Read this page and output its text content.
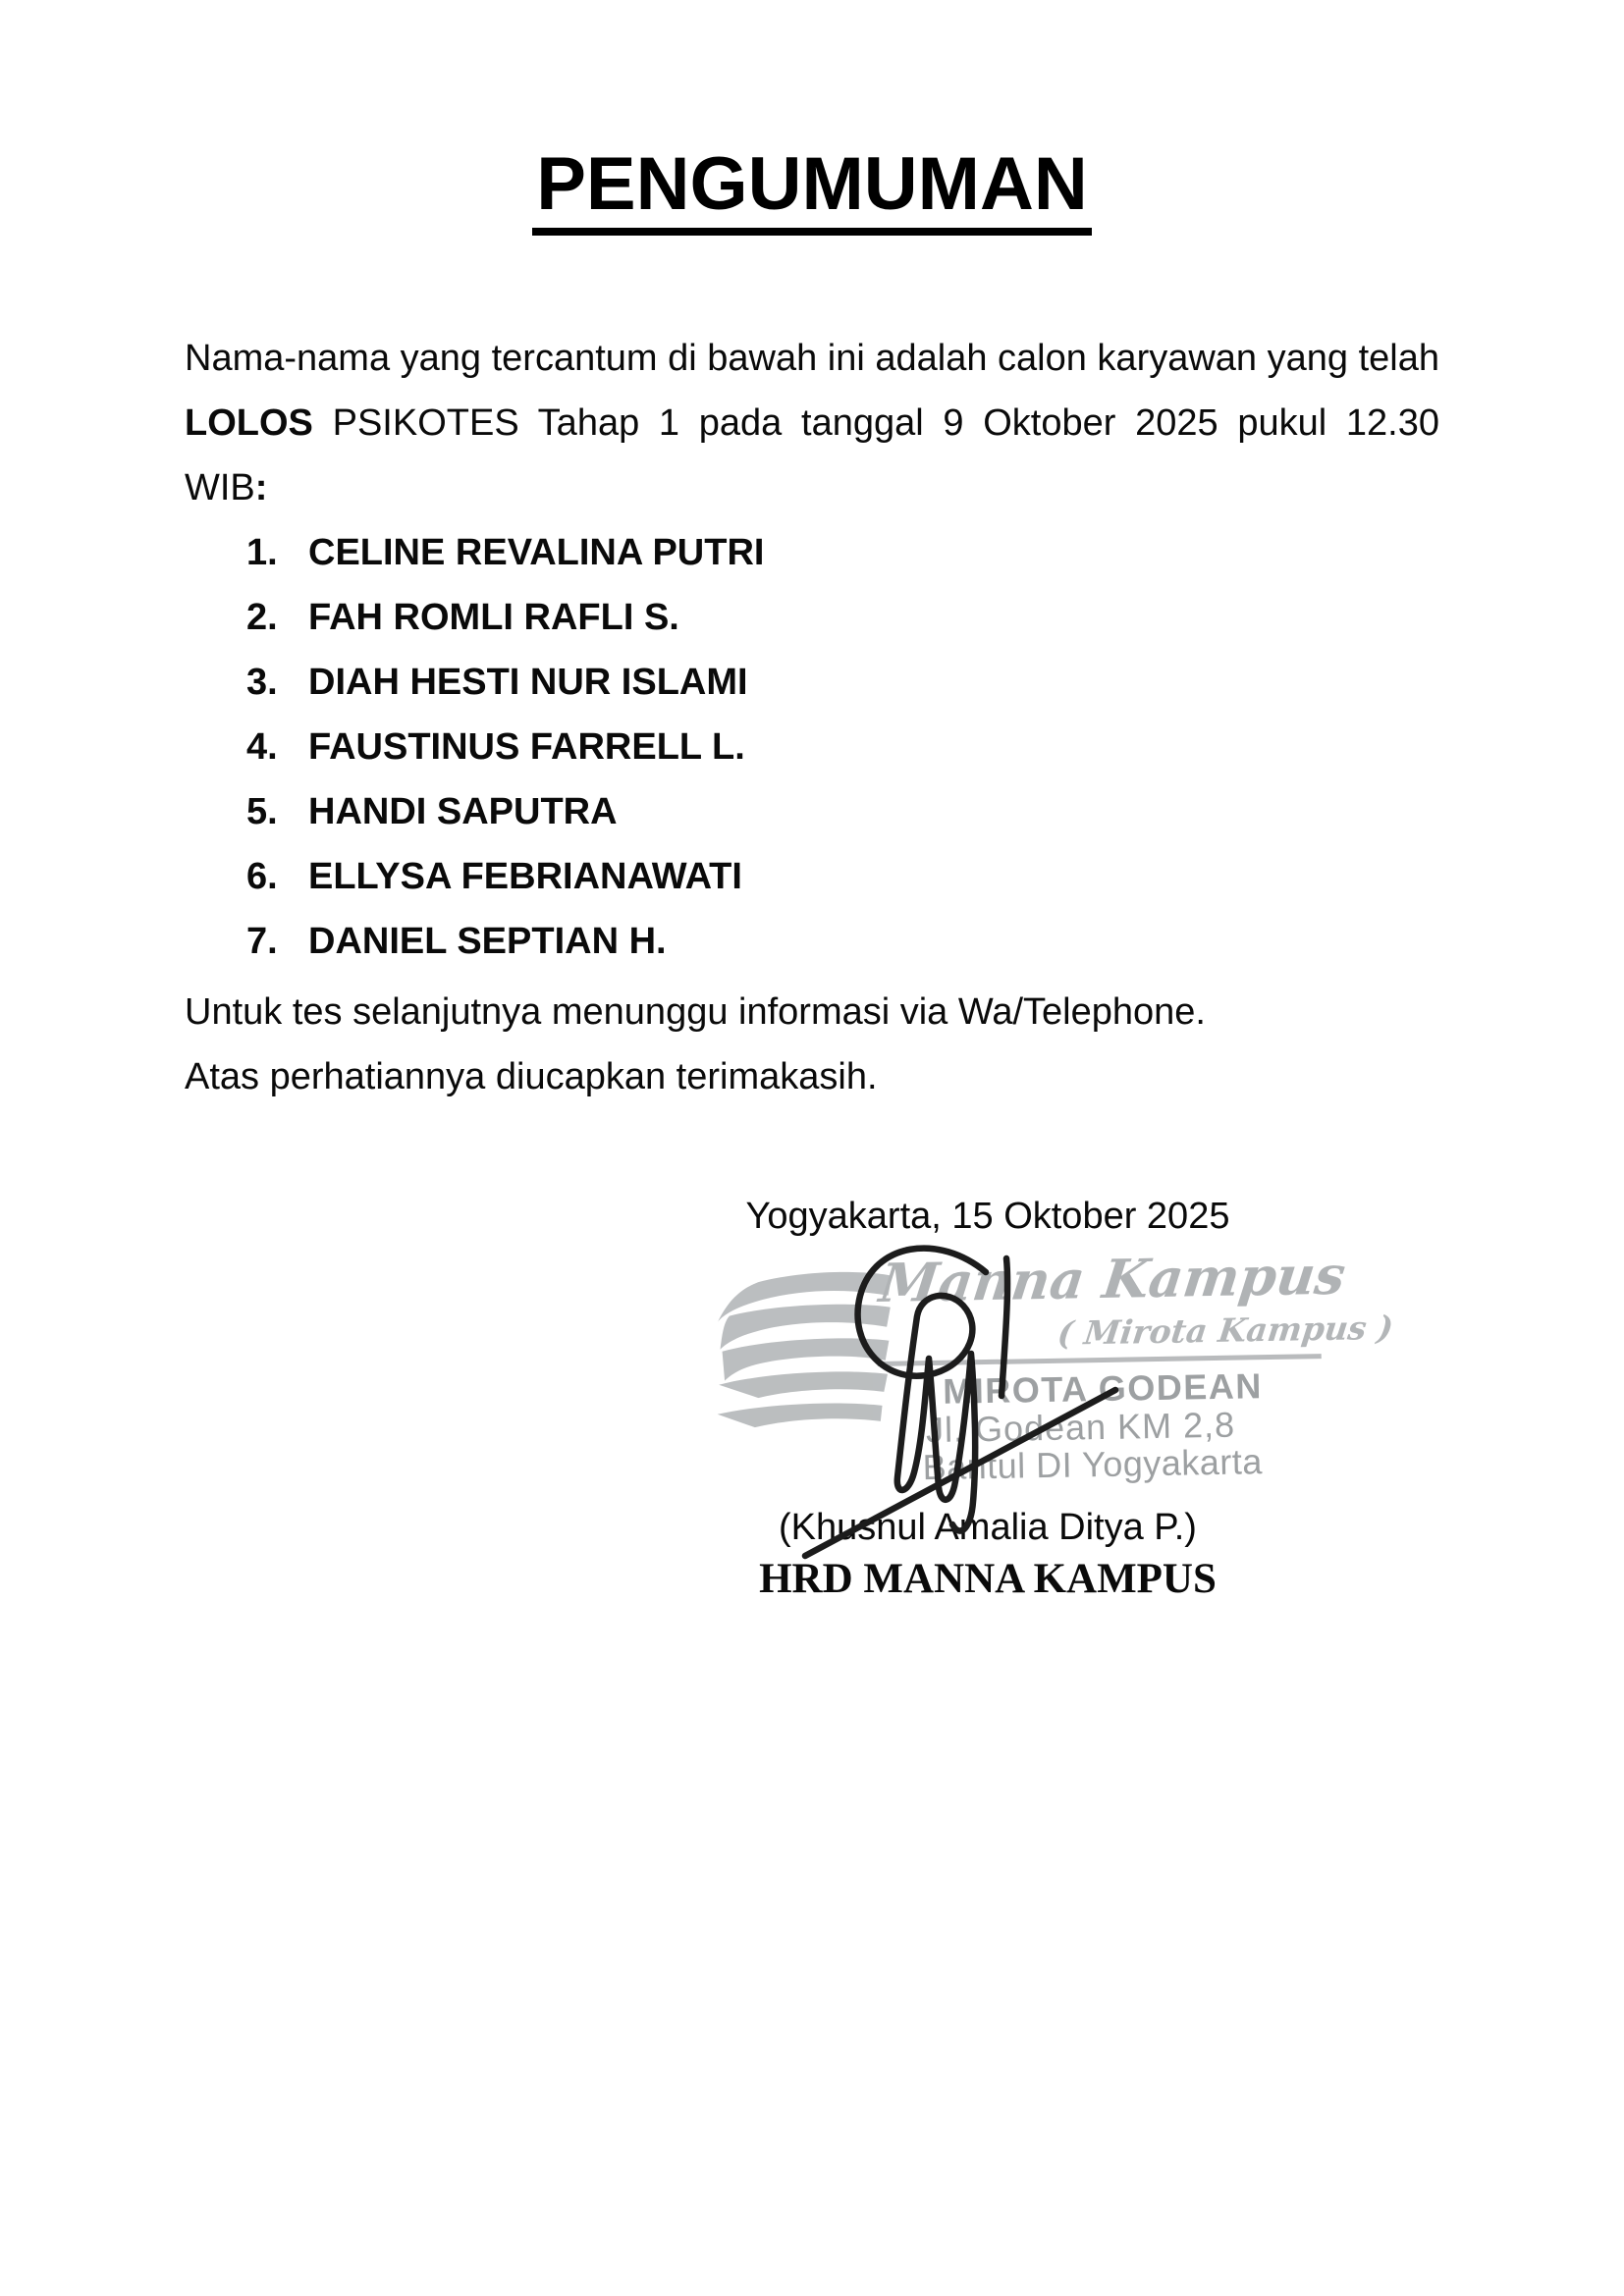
PENGUMUMAN

Nama-nama yang tercantum di bawah ini adalah calon karyawan yang telah LOLOS PSIKOTES Tahap 1 pada tanggal 9 Oktober 2025 pukul 12.30 WIB:

1. CELINE REVALINA PUTRI
2. FAH ROMLI RAFLI S.
3. DIAH HESTI NUR ISLAMI
4. FAUSTINUS FARRELL L.
5. HANDI SAPUTRA
6. ELLYSA FEBRIANAWATI
7. DANIEL SEPTIAN H.

Untuk tes selanjutnya menunggu informasi via Wa/Telephone.

Atas perhatiannya diucapkan terimakasih.

Yogyakarta, 15 Oktober 2025
Manna Kampus
( Mirota Kampus )
MIROTA GODEAN
Jl. Godean KM 2,8
Bantul DI Yogyakarta
(Khusnul Amalia Ditya P.)
HRD MANNA KAMPUS
